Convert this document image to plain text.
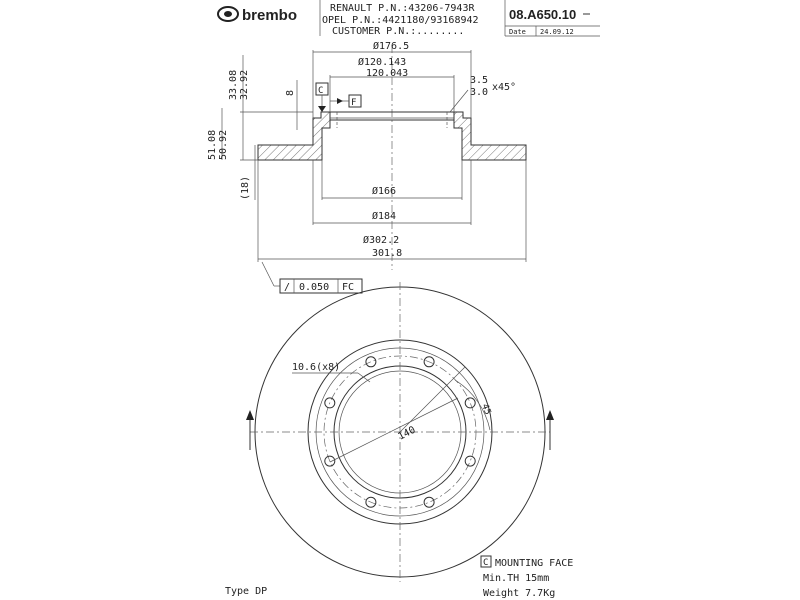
brembo	RENAULT P.N.:43206-7943R
OPEL P.N.:4421180/93168942
CUSTOMER P.N.:........
08.A650.10
Date 24.09.12
Ø176.5
Ø120.143
120.043
3.5
3.0 x45°
33.08 32.92	8
51.08 50.92
(18)
C
F
Ø166
Ø184
Ø302.2
301.8
/ 0.050 FC
140
10.6(x8)
45
C MOUNTING FACE
Min.TH 15mm
Weight 7.7Kg
Type DP
